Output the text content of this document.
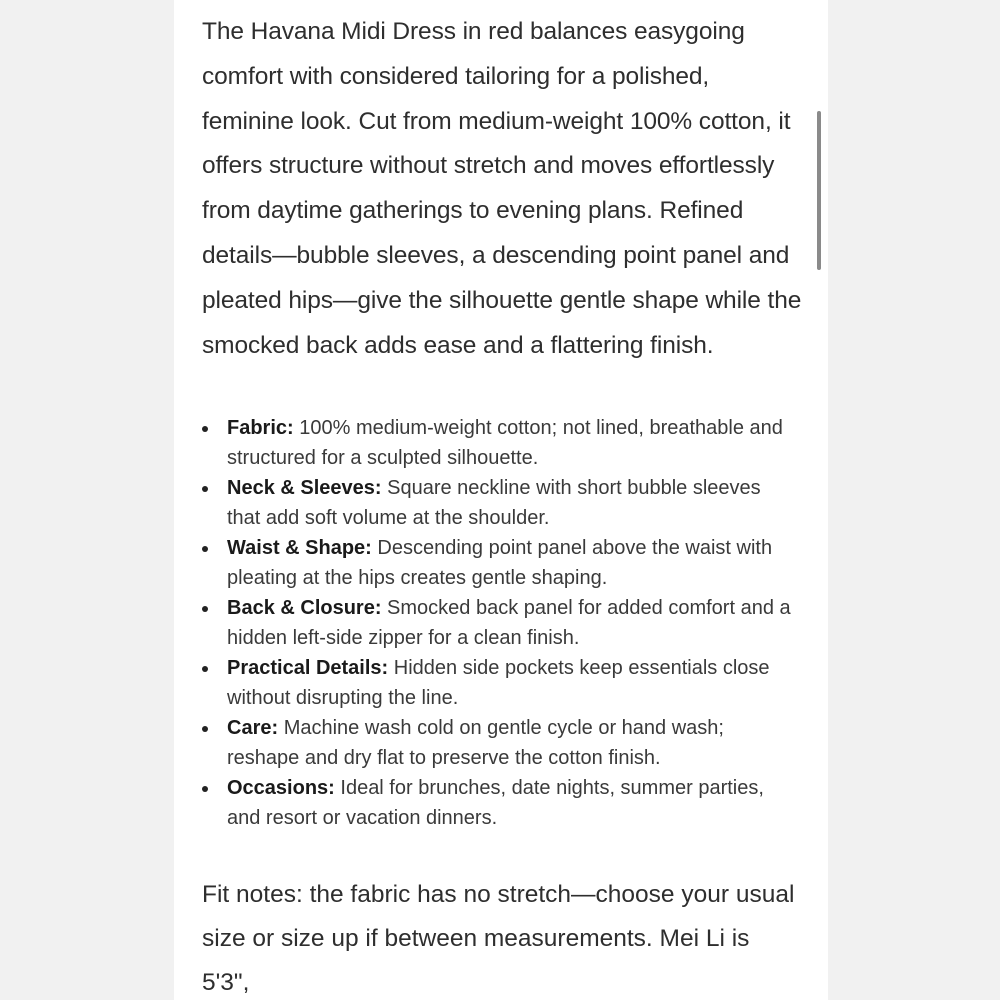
The Havana Midi Dress in red balances easygoing comfort with considered tailoring for a polished, feminine look. Cut from medium-weight 100% cotton, it offers structure without stretch and moves effortlessly from daytime gatherings to evening plans. Refined details—bubble sleeves, a descending point panel and pleated hips—give the silhouette gentle shape while the smocked back adds ease and a flattering finish.

Fabric: 100% medium-weight cotton; not lined, breathable and structured for a sculpted silhouette.
Neck & Sleeves: Square neckline with short bubble sleeves that add soft volume at the shoulder.
Waist & Shape: Descending point panel above the waist with pleating at the hips creates gentle shaping.
Back & Closure: Smocked back panel for added comfort and a hidden left-side zipper for a clean finish.
Practical Details: Hidden side pockets keep essentials close without disrupting the line.
Care: Machine wash cold on gentle cycle or hand wash; reshape and dry flat to preserve the cotton finish.
Occasions: Ideal for brunches, date nights, summer parties, and resort or vacation dinners.

Fit notes: the fabric has no stretch—choose your usual size or size up if between measurements. Mei Li is 5'3",
